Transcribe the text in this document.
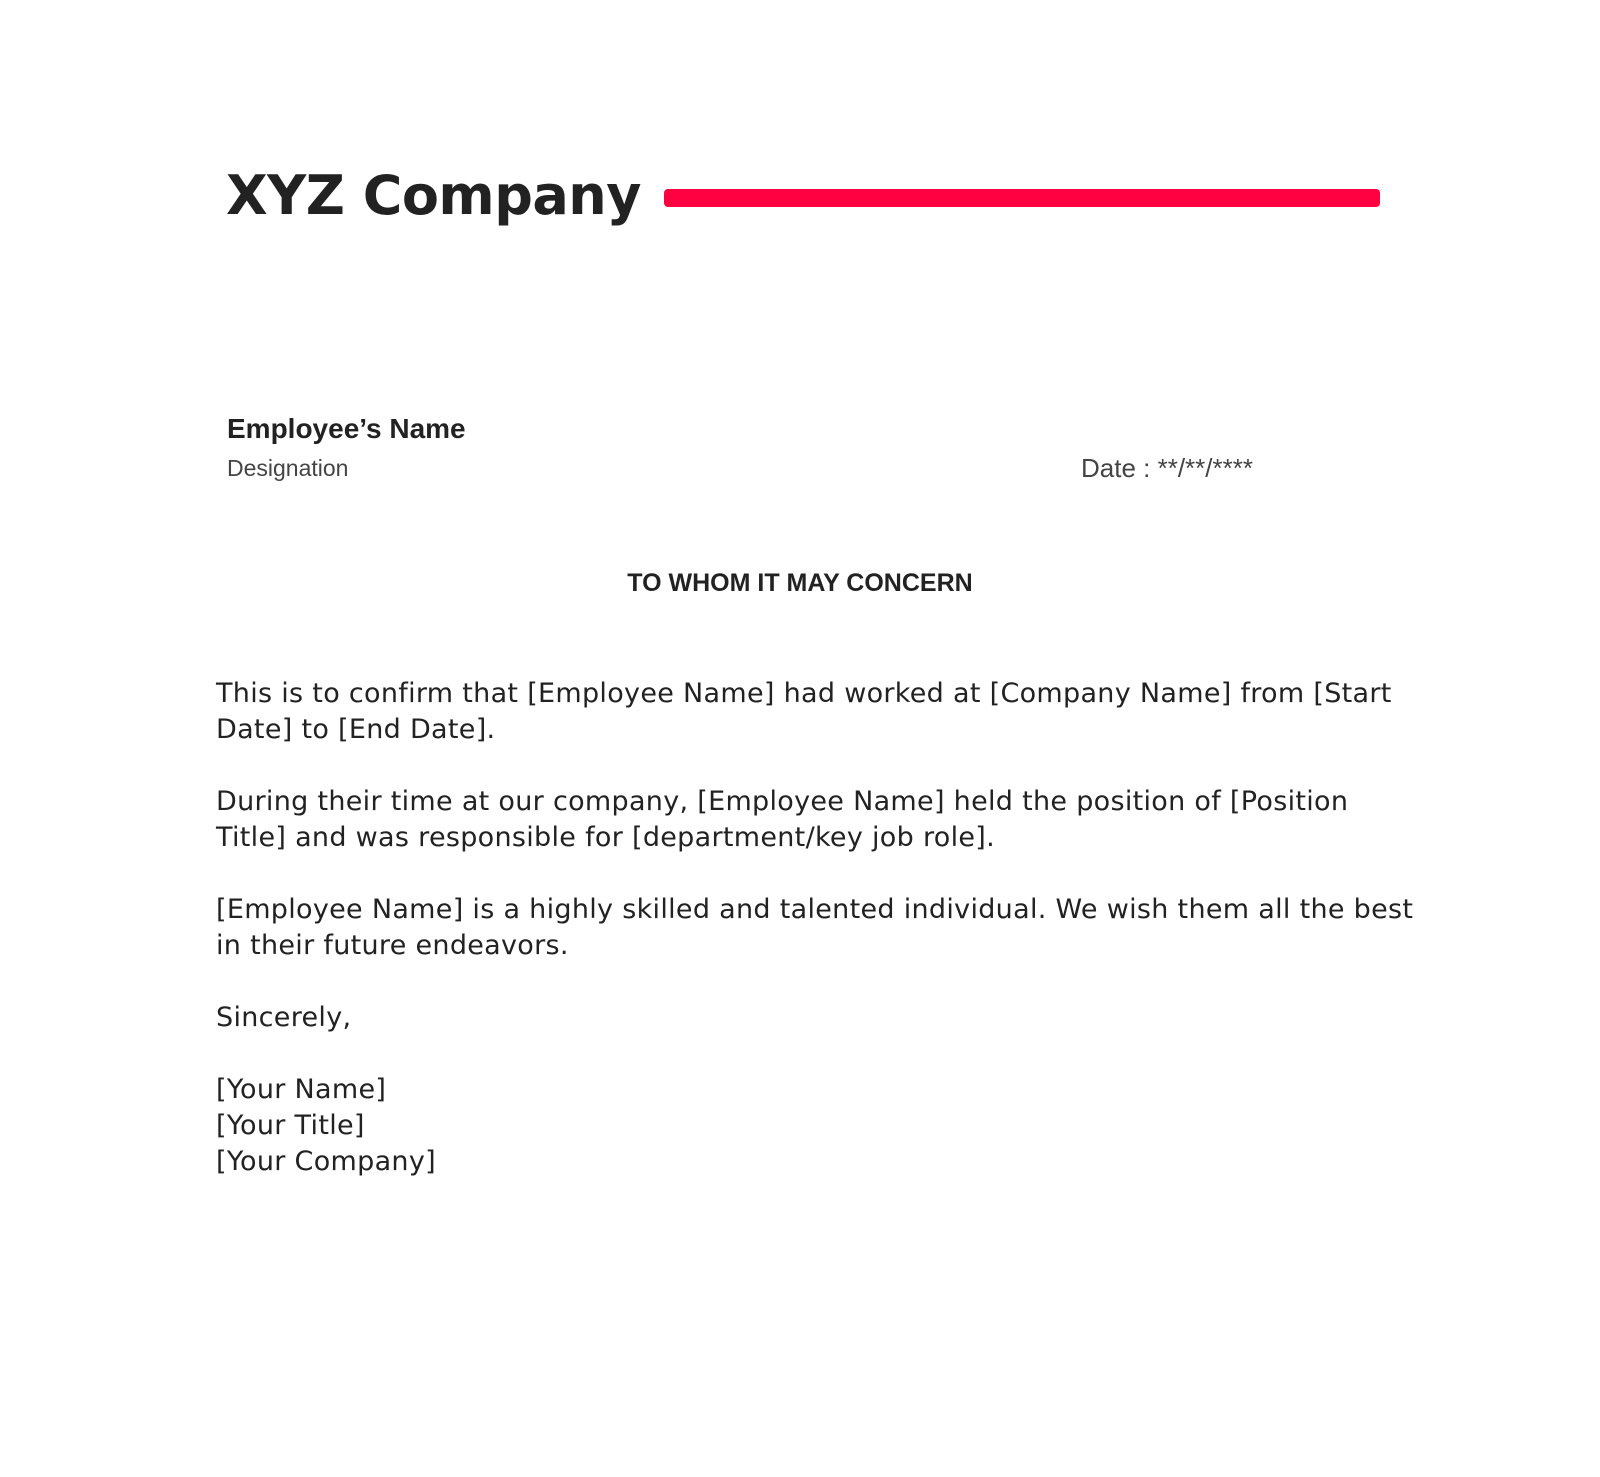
XYZ Company
Employee’s Name
Designation	Date : **/**/****
TO WHOM IT MAY CONCERN
This is to confirm that [Employee Name] had worked at [Company Name] from [Start Date] to [End Date].
During their time at our company, [Employee Name] held the position of [Position Title] and was responsible for [department/key job role].
[Employee Name] is a highly skilled and talented individual. We wish them all the best in their future endeavors.
Sincerely,
[Your Name]
[Your Title]
[Your Company]
